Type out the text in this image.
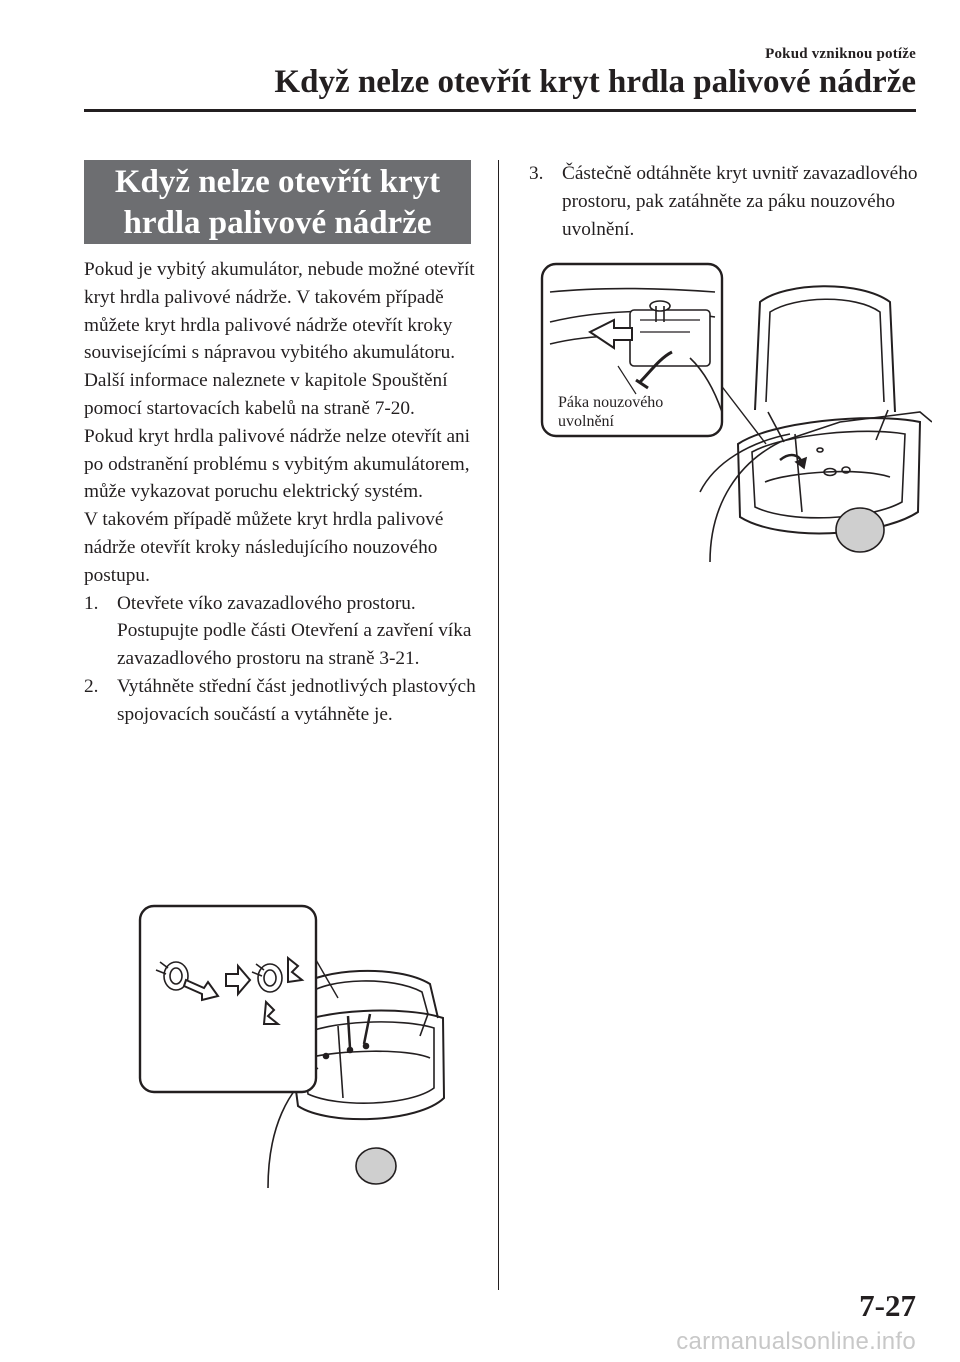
Pokud vzniknou potíže
Když nelze otevřít kryt hrdla palivové nádrže
Když nelze otevřít kryt
hrdla palivové nádrže

Pokud je vybitý akumulátor, nebude možné otevřít kryt hrdla palivové nádrže. V takovém případě můžete kryt hrdla palivové nádrže otevřít kroky souvisejícími s nápravou vybitého akumulátoru.

Další informace naleznete v kapitole Spouštění pomocí startovacích kabelů na straně 7-20.

Pokud kryt hrdla palivové nádrže nelze otevřít ani po odstranění problému s vybitým akumulátorem, může vykazovat poruchu elektrický systém.

V takovém případě můžete kryt hrdla palivové nádrže otevřít kroky následujícího nouzového postupu.

1. Otevřete víko zavazadlového prostoru. Postupujte podle části Otevření a zavření víka zavazadlového prostoru na straně 3-21.
2. Vytáhněte střední část jednotlivých plastových spojovacích součástí a vytáhněte je.
3. Částečně odtáhněte kryt uvnitř zavazadlového prostoru, pak zatáhněte za páku nouzového uvolnění.
Páka nouzového
uvolnění
7-27
carmanualsonline.info
